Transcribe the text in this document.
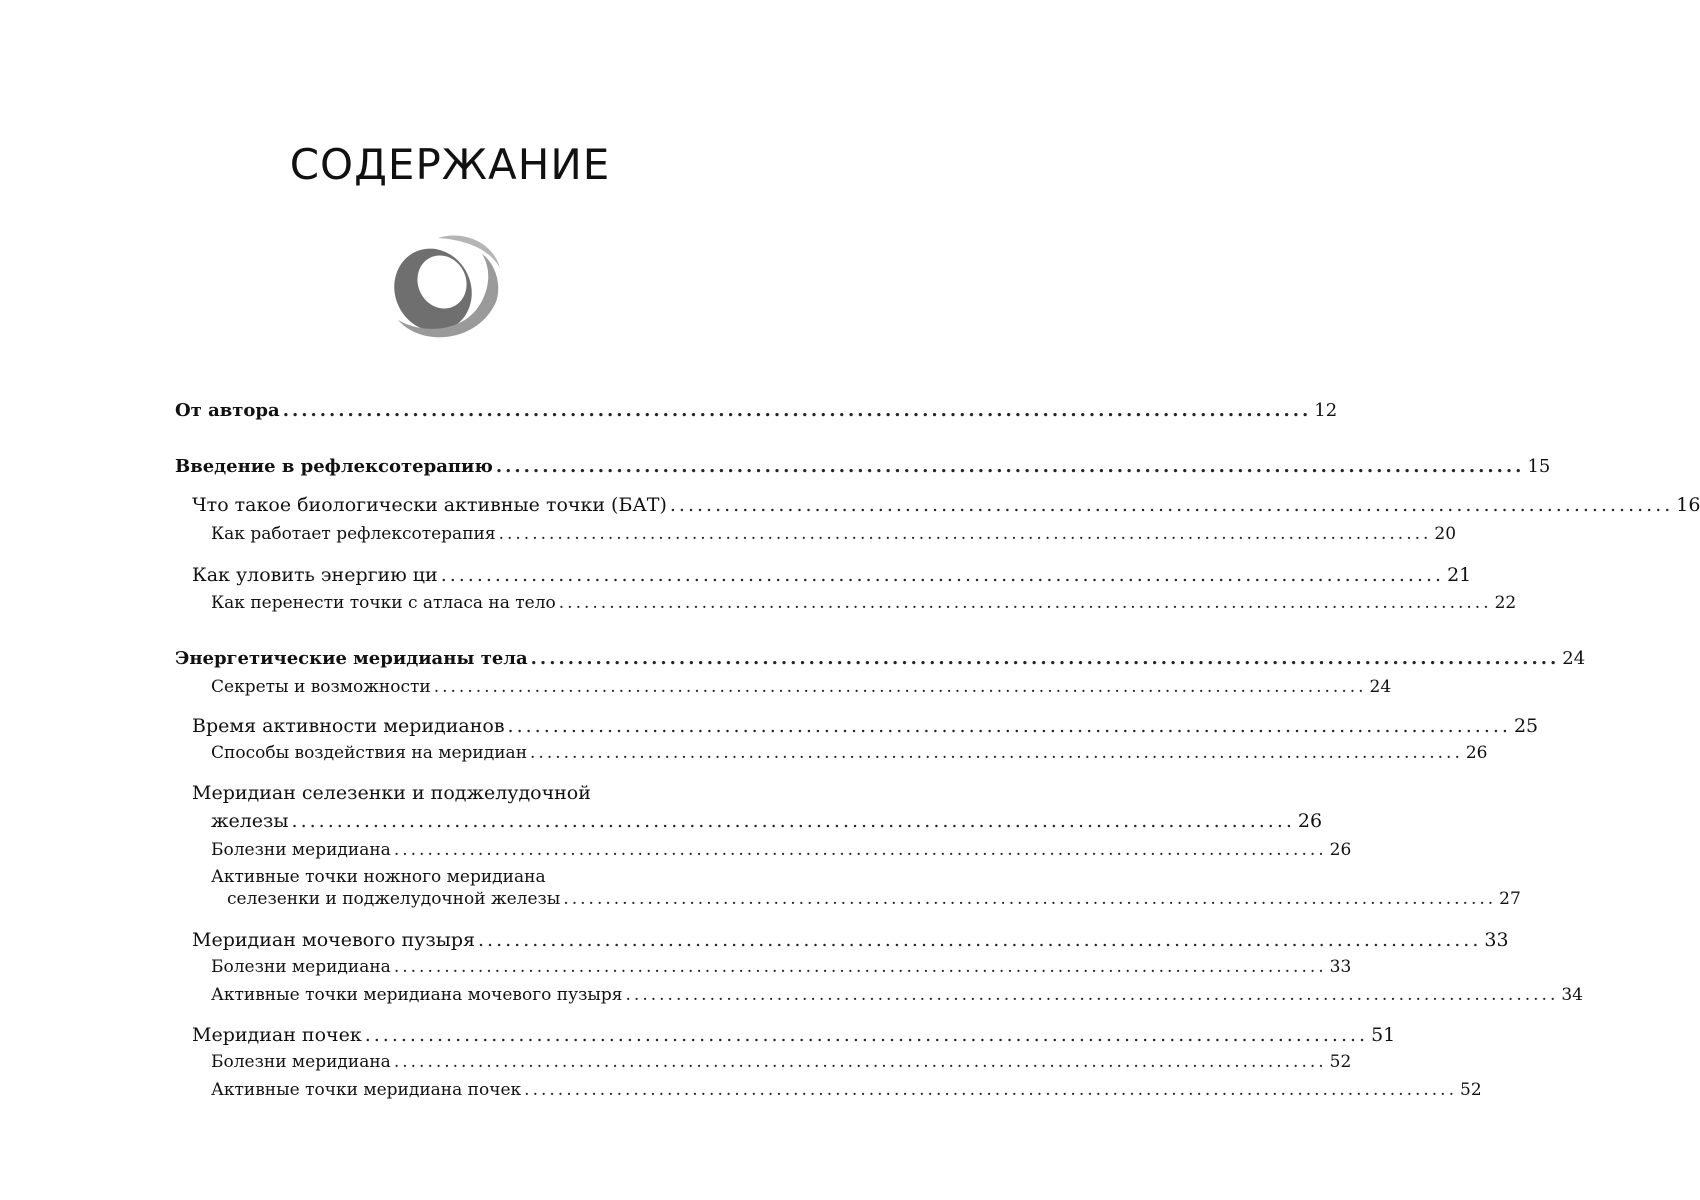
СОДЕРЖАНИЕ
От автора ............................................................................................................... 12
Введение в рефлексотерапию ............................................................................................................... 15
Что такое биологически активные точки (БАТ) ............................................................................................................... 16
Как работает рефлексотерапия ............................................................................................................... 20
Как уловить энергию ци ............................................................................................................... 21
Как перенести точки с атласа на тело ............................................................................................................... 22
Энергетические меридианы тела ............................................................................................................... 24
Секреты и возможности ............................................................................................................... 24
Время активности меридианов ............................................................................................................... 25
Способы воздействия на меридиан ............................................................................................................... 26
Меридиан селезенки и поджелудочной
железы ............................................................................................................... 26
Болезни меридиана ............................................................................................................... 26
Активные точки ножного меридиана
селезенки и поджелудочной железы ............................................................................................................... 27
Меридиан мочевого пузыря ............................................................................................................... 33
Болезни меридиана ............................................................................................................... 33
Активные точки меридиана мочевого пузыря ............................................................................................................... 34
Меридиан почек ............................................................................................................... 51
Болезни меридиана ............................................................................................................... 52
Активные точки меридиана почек ............................................................................................................... 52
